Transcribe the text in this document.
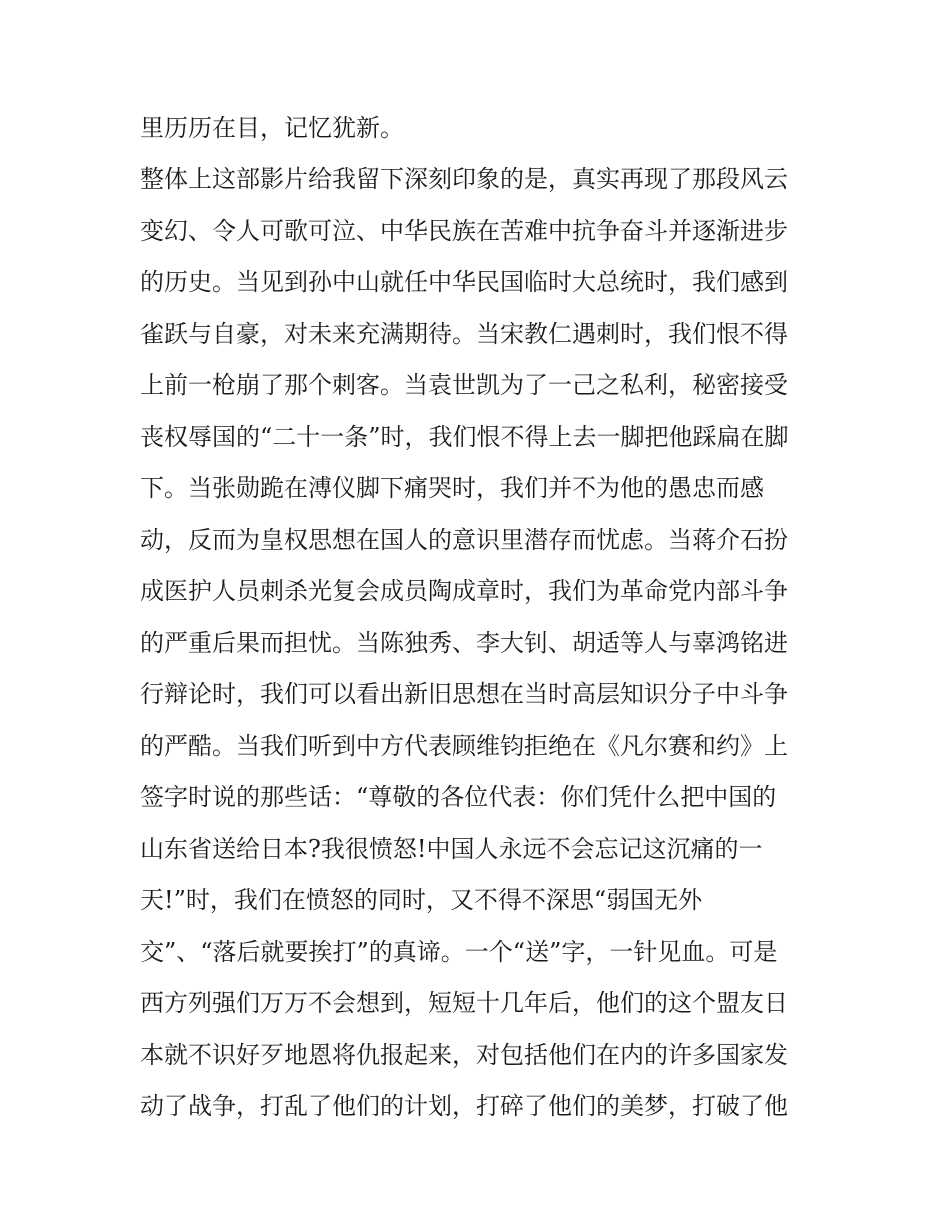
里历历在目，记忆犹新。
整体上这部影片给我留下深刻印象的是，真实再现了那段风云
变幻、令人可歌可泣、中华民族在苦难中抗争奋斗并逐渐进步
的历史。当见到孙中山就任中华民国临时大总统时，我们感到
雀跃与自豪，对未来充满期待。当宋教仁遇刺时，我们恨不得
上前一枪崩了那个刺客。当袁世凯为了一己之私利，秘密接受
丧权辱国的“二十一条”时，我们恨不得上去一脚把他踩扁在脚
下。当张勋跪在溥仪脚下痛哭时，我们并不为他的愚忠而感
动，反而为皇权思想在国人的意识里潜存而忧虑。当蒋介石扮
成医护人员刺杀光复会成员陶成章时，我们为革命党内部斗争
的严重后果而担忧。当陈独秀、李大钊、胡适等人与辜鸿铭进
行辩论时，我们可以看出新旧思想在当时高层知识分子中斗争
的严酷。当我们听到中方代表顾维钧拒绝在《凡尔赛和约》上
签字时说的那些话：“尊敬的各位代表：你们凭什么把中国的
山东省送给日本?我很愤怒!中国人永远不会忘记这沉痛的一
天!”时，我们在愤怒的同时，又不得不深思“弱国无外
交”、“落后就要挨打”的真谛。一个“送”字，一针见血。可是
西方列强们万万不会想到，短短十几年后，他们的这个盟友日
本就不识好歹地恩将仇报起来，对包括他们在内的许多国家发
动了战争，打乱了他们的计划，打碎了他们的美梦，打破了他
